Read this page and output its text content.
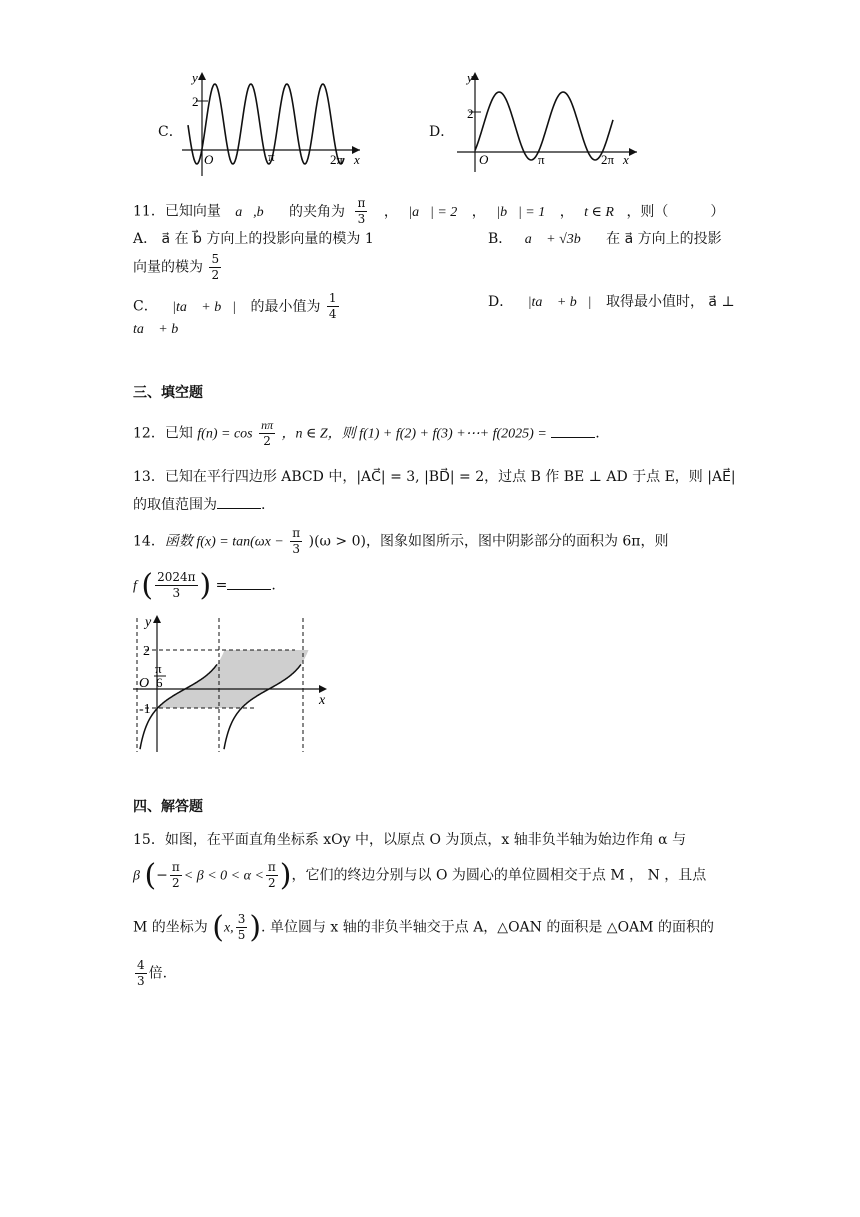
C．
y
x
2
O	π	2π
D．
y
x
2
O	π	2π
11．已知向量 a⃗,b⃗ 的夹角为 $\frac{\pi}{3}$ ， |a⃗| = 2 ， |b⃗| = 1 ， t ∈ R ，则（　　　）
A． a⃗ 在 b⃗ 方向上的投影向量的模为 1	B． a⃗ + √3b⃗ 在 a⃗ 方向上的投影
向量的模为 $\frac{5}{2}$
C． |ta⃗ + b⃗| 的最小值为 $\frac{1}{4}$	D． |ta⃗ + b⃗| 取得最小值时， a⃗ ⊥
ta⃗ + b⃗
三、填空题
12．已知 $f(n) = \cos \frac{n\pi}{2}$ ，n ∈ Z，则 f(1) + f(2) + f(3) +⋯+ f(2025) =	.
13．已知在平行四边形 ABCD 中，|AC⃗| = 3, |BD⃗| = 2，过点 B 作 BE ⊥ AD 于点 E，则 |AE⃗|
的取值范围为	.
14．函数 $f(x) = \tan(\omega x - \frac{\pi}{3} )(\omega > 0)$，图象如图所示，图中阴影部分的面积为 6π，则
f ( $\frac{2024\pi}{3}$ ) =	.
y
x
2
π
6
O
-1
四、解答题
15．如图，在平面直角坐标系 xOy 中，以原点 O 为顶点，x 轴非负半轴为始边作角 α 与
β (− $\frac{\pi}{2} < \beta < 0 < \alpha < \frac{\pi}{2}$ )，它们的终边分别与以 O 为圆心的单位圆相交于点 M ， N ，且点
M 的坐标为 (x, $\frac{3}{5}$ ). 单位圆与 x 轴的非负半轴交于点 A，△OAN 的面积是 △OAM 的面积的
$\frac{4}{3}$ 倍.
